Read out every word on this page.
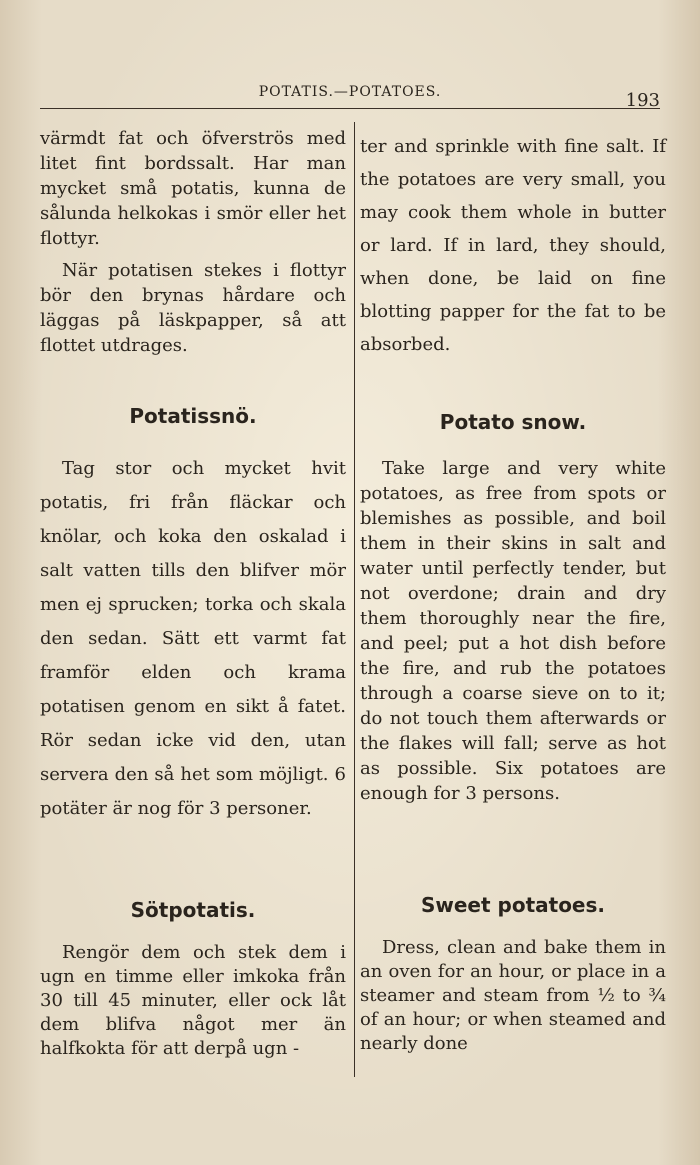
POTATIS.—POTATOES.	193

värmdt fat och öfverströs med litet fint bordssalt. Har man mycket små potatis, kunna de sålunda helkokas i smör eller het flottyr.

När potatisen stekes i flottyr bör den brynas hårdare och läggas på läskpapper, så att flottet utdrages.

Potatissnö.

Tag stor och mycket hvit potatis, fri från fläckar och knölar, och koka den oskalad i salt vatten tills den blifver mör men ej sprucken; torka och skala den sedan. Sätt ett varmt fat framför elden och krama potatisen genom en sikt å fatet. Rör sedan icke vid den, utan servera den så het som möjligt. 6 potäter är nog för 3 personer.

Sötpotatis.

Rengör dem och stek dem i ugn en timme eller imkoka från 30 till 45 minuter, eller ock låt dem blifva något mer än halfkokta för att derpå ugn -

ter and sprinkle with fine salt. If the potatoes are very small, you may cook them whole in butter or lard. If in lard, they should, when done, be laid on fine blotting papper for the fat to be absorbed.

Potato snow.

Take large and very white potatoes, as free from spots or blemishes as possible, and boil them in their skins in salt and water until perfectly tender, but not overdone; drain and dry them thoroughly near the fire, and peel; put a hot dish before the fire, and rub the potatoes through a coarse sieve on to it; do not touch them afterwards or the flakes will fall; serve as hot as possible. Six potatoes are enough for 3 persons.

Sweet potatoes.

Dress, clean and bake them in an oven for an hour, or place in a steamer and steam from ½ to ¾ of an hour; or when steamed and nearly done
